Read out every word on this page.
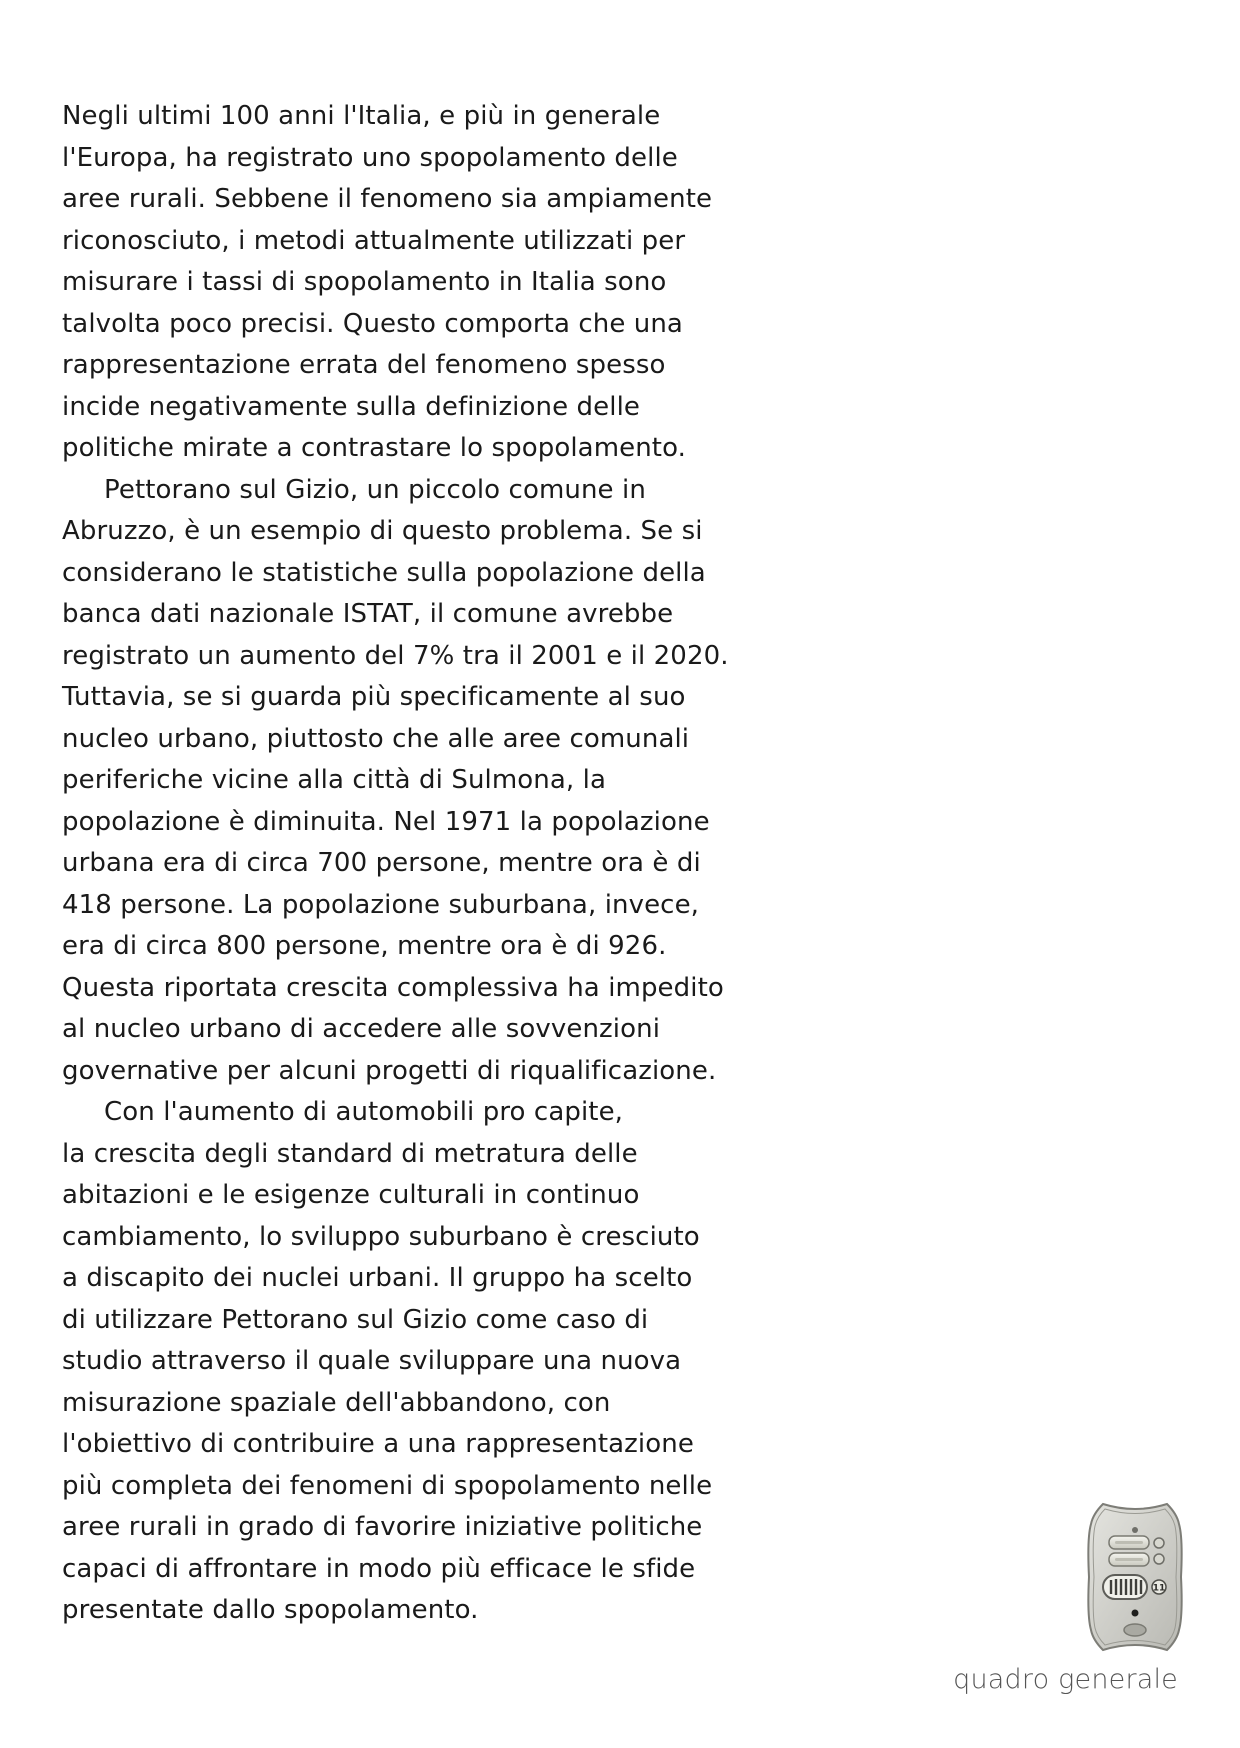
Negli ultimi 100 anni l'Italia, e più in generale
l'Europa, ha registrato uno spopolamento delle
aree rurali. Sebbene il fenomeno sia ampiamente
riconosciuto, i metodi attualmente utilizzati per
misurare i tassi di spopolamento in Italia sono
talvolta poco precisi. Questo comporta che una
rappresentazione errata del fenomeno spesso
incide negativamente sulla definizione delle
politiche mirate a contrastare lo spopolamento.
Pettorano sul Gizio, un piccolo comune in
Abruzzo, è un esempio di questo problema. Se si
considerano le statistiche sulla popolazione della
banca dati nazionale ISTAT, il comune avrebbe
registrato un aumento del 7% tra il 2001 e il 2020.
Tuttavia, se si guarda più specificamente al suo
nucleo urbano, piuttosto che alle aree comunali
periferiche vicine alla città di Sulmona, la
popolazione è diminuita. Nel 1971 la popolazione
urbana era di circa 700 persone, mentre ora è di
418 persone. La popolazione suburbana, invece,
era di circa 800 persone, mentre ora è di 926.
Questa riportata crescita complessiva ha impedito
al nucleo urbano di accedere alle sovvenzioni
governative per alcuni progetti di riqualificazione.
Con l'aumento di automobili pro capite,
la crescita degli standard di metratura delle
abitazioni e le esigenze culturali in continuo
cambiamento, lo sviluppo suburbano è cresciuto
a discapito dei nuclei urbani. Il gruppo ha scelto
di utilizzare Pettorano sul Gizio come caso di
studio attraverso il quale sviluppare una nuova
misurazione spaziale dell'abbandono, con
l'obiettivo di contribuire a una rappresentazione
più completa dei fenomeni di spopolamento nelle
aree rurali in grado di favorire iniziative politiche
capaci di affrontare in modo più efficace le sfide
presentate dallo spopolamento.
11
quadro generale
